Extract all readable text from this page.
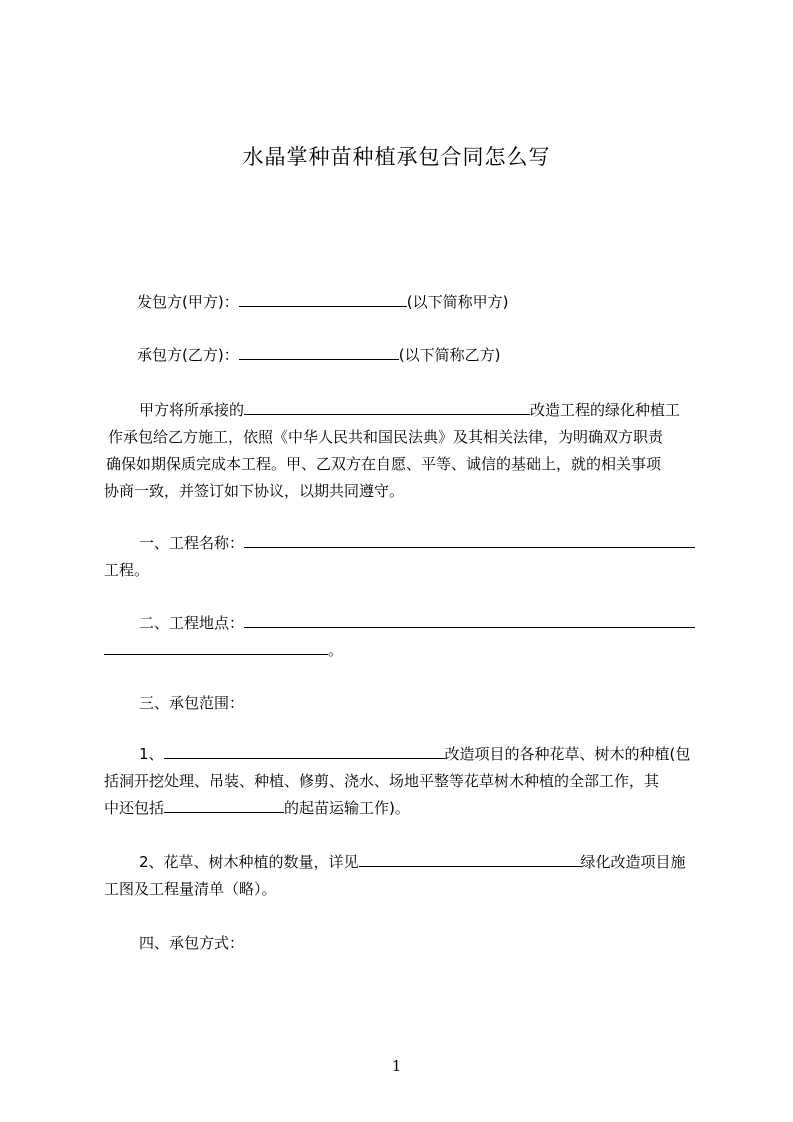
水晶掌种苗种植承包合同怎么写
发包方(甲方)：	(以下简称甲方)
承包方(乙方)：	(以下简称乙方)
甲方将所承接的	改造工程的绿化种植工
作承包给乙方施工，依照《中华人民共和国民法典》及其相关法律，为明确双方职责
确保如期保质完成本工程。甲、乙双方在自愿、平等、诚信的基础上，就的相关事项
协商一致，并签订如下协议，以期共同遵守。
一、工程名称：
工程。
二、工程地点：
。
三、承包范围：
1、	改造项目的各种花草、树木的种植(包
括洞开挖处理、吊装、种植、修剪、浇水、场地平整等花草树木种植的全部工作，其
中还包括	的起苗运输工作)。
2、花草、树木种植的数量，详见	绿化改造项目施
工图及工程量清单（略）。
四、承包方式：
1
